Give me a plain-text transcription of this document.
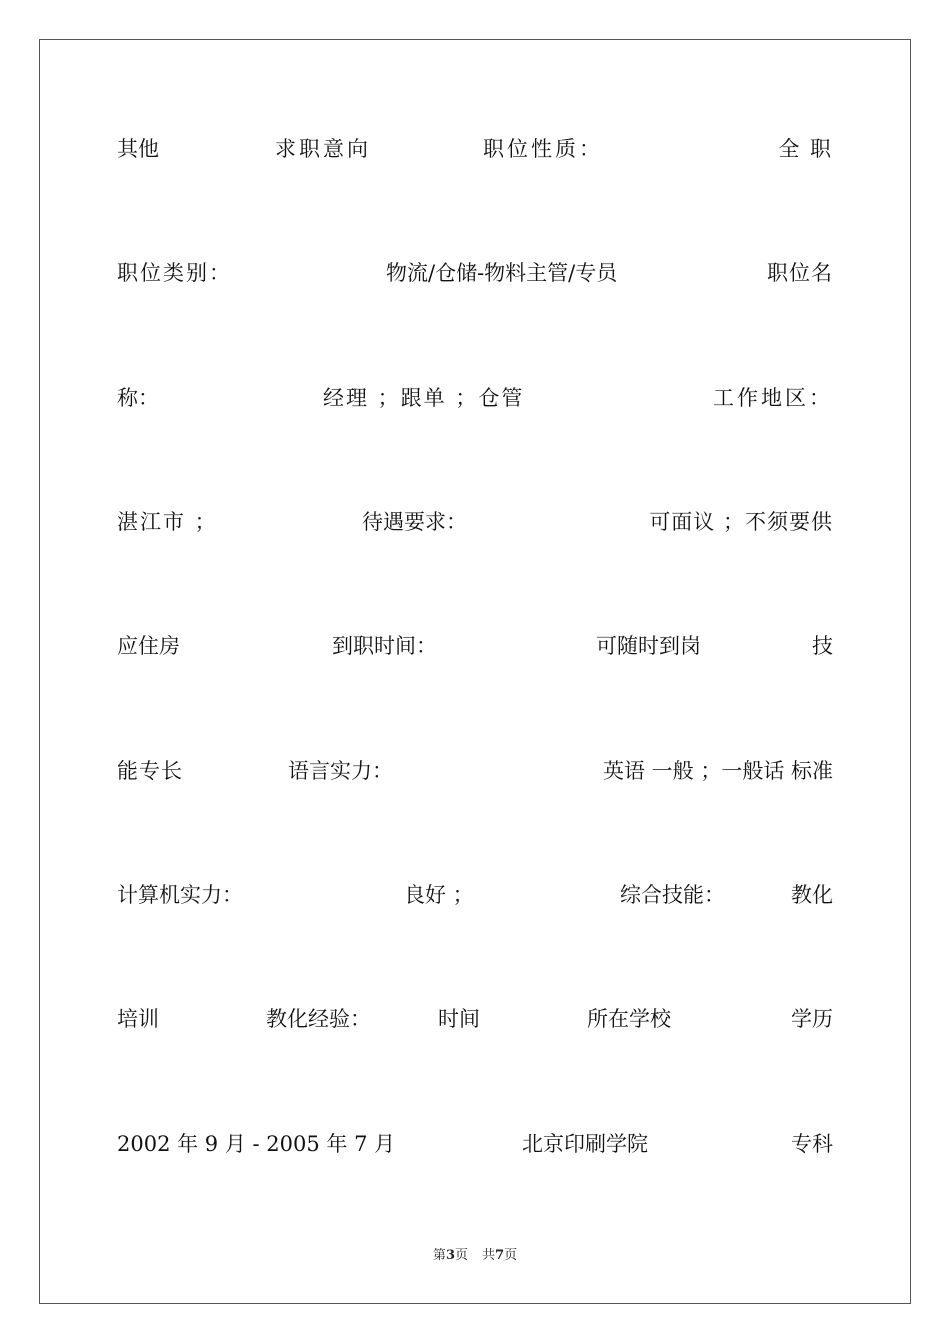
其他	求职意向	职位性质：	全 职
职位类别：	物流/仓储-物料主管/专员	职位名
称：	经理 ；跟单 ；仓管	工作地区：
湛江市 ；	待遇要求：	可面议 ；不须要供
应住房	到职时间：	可随时到岗	技
能专长	语言实力：	英语 一般 ；一般话 标准
计算机实力：	良好 ；	综合技能：	教化
培训	教化经验：	时间	所在学校	学历
2002 年 9 月 - 2005 年 7 月	北京印刷学院	专科
第3页 共7页
